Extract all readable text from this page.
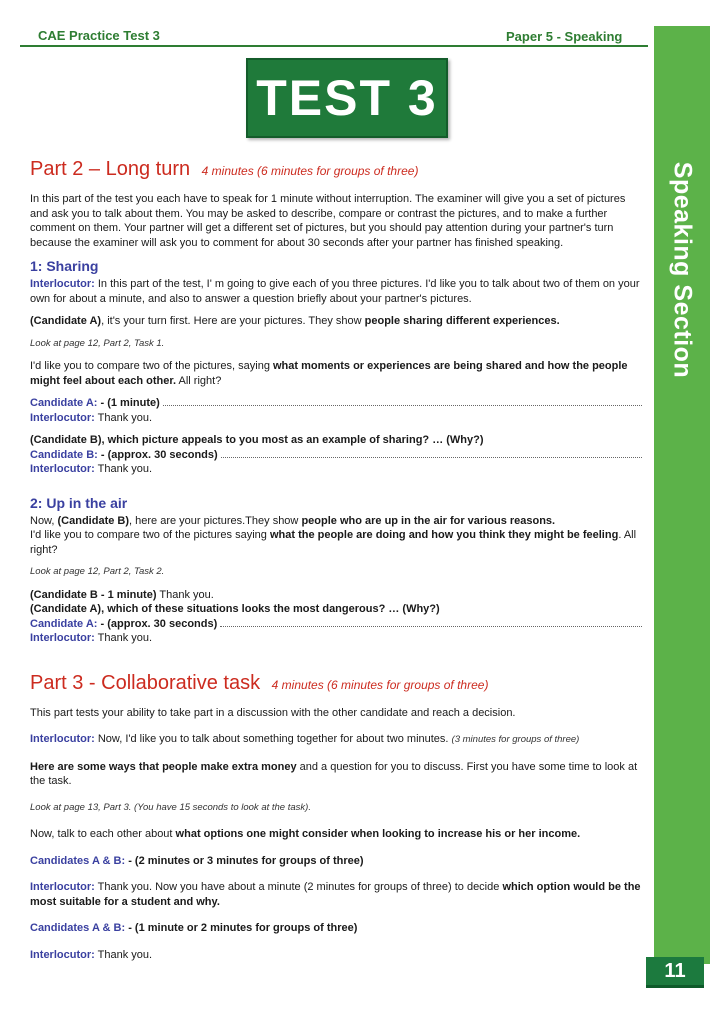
CAE Practice Test 3	Paper 5 - Speaking
Speaking Section
11
TEST 3
Part 2 – Long turn 4 minutes (6 minutes for groups of three)

In this part of the test you each have to speak for 1 minute without interruption. The examiner will give you a set of pictures and ask you to talk about them. You may be asked to describe, compare or contrast the pictures, and to make a further comment on them. Your partner will get a different set of pictures, but you should pay attention during your partner's turn because the examiner will ask you to comment for about 30 seconds after your partner has finished speaking.

1: Sharing

Interlocutor: In this part of the test, I' m going to give each of you three pictures. I'd like you to talk about two of them on your own for about a minute, and also to answer a question briefly about your partner's pictures.

(Candidate A), it's your turn first. Here are your pictures. They show people sharing different experiences.

Look at page 12, Part 2, Task 1.

I'd like you to compare two of the pictures, saying what moments or experiences are being shared and how the people might feel about each other. All right?

Candidate A:
- (1 minute)

Interlocutor: Thank you.

(Candidate B), which picture appeals to you most as an example of sharing? … (Why?)

Candidate B:
- (approx. 30 seconds)

Interlocutor: Thank you.

2: Up in the air

Now, (Candidate B), here are your pictures.They show people who are up in the air for various reasons.

I'd like you to compare two of the pictures saying what the people are doing and how you think they might be feeling. All right?

Look at page 12, Part 2, Task 2.

(Candidate B - 1 minute) Thank you.

(Candidate A), which of these situations looks the most dangerous? … (Why?)

Candidate A:
- (approx. 30 seconds)

Interlocutor: Thank you.

Part 3 - Collaborative task 4 minutes (6 minutes for groups of three)

This part tests your ability to take part in a discussion with the other candidate and reach a decision.

Interlocutor: Now, I'd like you to talk about something together for about two minutes. (3 minutes for groups of three)

Here are some ways that people make extra money and a question for you to discuss. First you have some time to look at the task.

Look at page 13, Part 3. (You have 15 seconds to look at the task).

Now, talk to each other about what options one might consider when looking to increase his or her income.

Candidates A & B: - (2 minutes or 3 minutes for groups of three)

Interlocutor: Thank you. Now you have about a minute (2 minutes for groups of three) to decide which option would be the most suitable for a student and why.

Candidates A & B: - (1 minute or 2 minutes for groups of three)

Interlocutor: Thank you.
